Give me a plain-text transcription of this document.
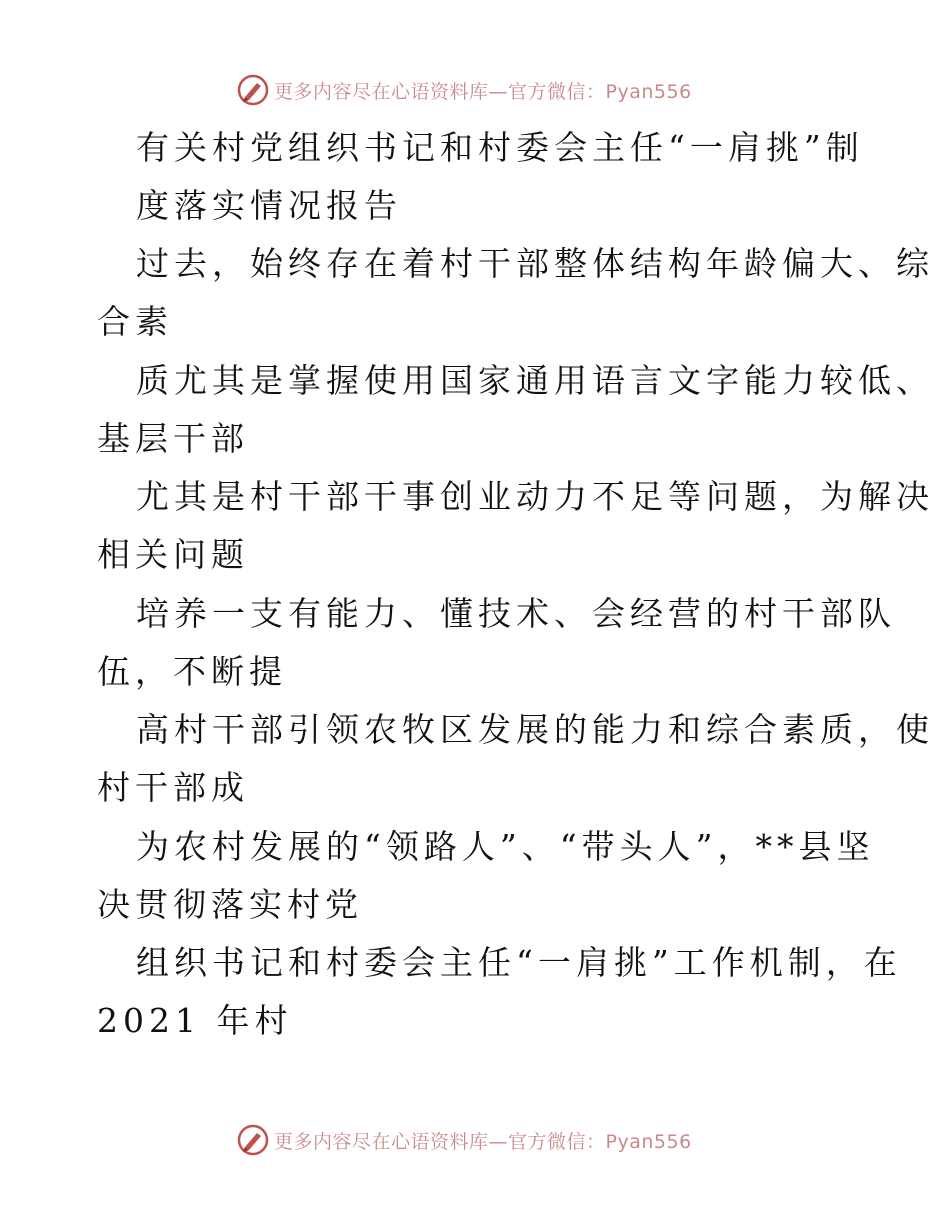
更多内容尽在心语资料库—官方微信：Pyan556
有关村党组织书记和村委会主任“一肩挑”制
度落实情况报告
过去，始终存在着村干部整体结构年龄偏大、综
合素
质尤其是掌握使用国家通用语言文字能力较低、
基层干部
尤其是村干部干事创业动力不足等问题，为解决
相关问题
培养一支有能力、懂技术、会经营的村干部队
伍，不断提
高村干部引领农牧区发展的能力和综合素质，使
村干部成
为农村发展的“领路人”、“带头人”，**县坚
决贯彻落实村党
组织书记和村委会主任“一肩挑”工作机制，在
2021 年村
更多内容尽在心语资料库—官方微信：Pyan556
